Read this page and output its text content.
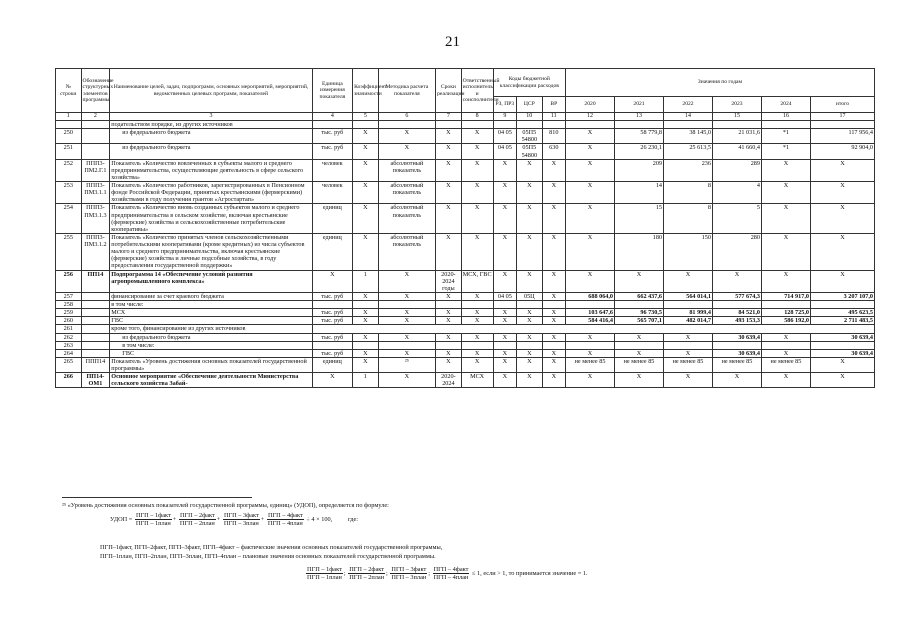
21
№ строки	Обозначение структурных элементов программы	Наименование целей, задач, подпрограмм, основных мероприятий, мероприятий, ведомственных целевых программ, показателей	Единица измерения показателя	Коэффициент значимости	Методика расчета показателя	Сроки реализации	Ответственный исполнитель и соисполнители	Коды бюджетной классификации расходов			Значения по годам					
								РЗ, ПР3	ЦСР	ВР	2020	2021	2022	2023	2024	итого
1	2	3	4	5	6	7	8	9	10	11	12	13	14	15	16	17
		подательством порядке, из других источников														
250		из федерального бюджета	тыс. руб	X	X	X	X	04 05	05П5 54800	810	X	58 779,8	38 145,0	21 031,6	*1	117 956,4
251		из федерального бюджета	тыс. руб	X	X	X	X	04 05	05П5 54800	630	X	26 230,1	25 613,5	41 660,4	*1	92 904,0
252	ППП3-ПМ2.Г.1	Показатель «Количество вовлеченных в субъекты малого и среднего предпринимательства, осуществляющие деятельность в сфере сельского хозяйства»	человек	X	абсолютный показатель	X	X	X	X	X	X	209	236	289	X	X
253	ППП3-ПМ3.1.1	Показатель «Количество работников, зарегистрированных в Пенсионном фонде Российской Федерации, принятых крестьянскими (фермерскими) хозяйствами в году получения грантов «Агростартап»	человек	X	абсолютный показатель	X	X	X	X	X	X	14	8	4	X	X
254	ППП3-ПМ3.1.3	Показатель «Количество вновь созданных субъектов малого и среднего предпринимательства в сельском хозяйстве, включая крестьянские (фермерские) хозяйства и сельскохозяйственные потребительские кооперативы»	единиц	X	абсолютный показатель	X	X	X	X	X	X	15	8	5	X	X
255	ППП3-ПМ3.1.2	Показатель «Количество принятых членов сельскохозяйственными потребительскими кооперативами (кроме кредитных) из числа субъектов малого и среднего предпринимательства, включая крестьянские (фермерские) хозяйства и личные подсобные хозяйства, в году предоставления государственной поддержки»	единиц	X	абсолютный показатель	X	X	X	X	X	X	180	150	280	X	X
256	ПП14	Подпрограмма 14 «Обеспечение условий развития агропромышленного комплекса»	X	1	X	2020-2024 годы	МСХ, ГВС	X	X	X	X	X	X	X	X	X
257		финансирование за счет краевого бюджета	тыс. руб	X	X	X	X	04 05	05Ц	X	688 064,0	662 437,6	564 014,1	577 674,3	714 917,0	3 207 107,0
258		в том числе:														
259		МСХ	тыс. руб	X	X	X	X	X	X	X	103 647,6	96 730,5	81 999,4	84 521,0	128 725,0	495 623,5
260		ГВС	тыс. руб	X	X	X	X	X	X	X	584 416,4	565 707,1	482 014,7	493 153,3	586 192,0	2 711 483,5
261		кроме того, финансирование из других источников														
262		из федерального бюджета	тыс. руб	X	X	X	X	X	X	X	X	X	X	30 639,4	X	30 639,4
263		в том числе:														
264		ГВС	тыс. руб	X	X	X	X	X	X	X	X	X	X	30 639,4	X	30 639,4
265	ППП14	Показатель «Уровень достижения основных показателей государственной программы»	единиц	X	²⁵	X	X	X	X	X	не менее 85	не менее 85	не менее 85	не менее 85	не менее 85	X
266	ПП14-ОМ1	Основное мероприятие «Обеспечение деятельности Министерства сельского хозяйства Забай-	X	1	X	2020-2024	МСХ	X	X	X	X	X	X	X	X	X
²⁵ «Уровень достижения основных показателей государственной программы, единиц» (УДОП), определяется по формуле:
УДОП = $\frac{\text{ПГП – 1факт}}{\text{ПГП – 1план}} + \frac{\text{ПГП – 2факт}}{\text{ПГП – 2план}} + \frac{\text{ПГП – 3факт}}{\text{ПГП – 3план}} + \frac{\text{ПГП – 4факт}}{\text{ПГП – 4план}} \div 4 \times 100$,	где:
ПГП–1факт, ПГП–2факт, ПГП–3факт, ПГП–4факт – фактические значения основных показателей государственной программы,
ПГП–1план, ПГП–2план, ПГП–3план, ПГП–4план – плановые значения основных показателей государственной программы.
$\frac{\text{ПГП – 1факт}}{\text{ПГП – 1план}}$ ; $\frac{\text{ПГП – 2факт}}{\text{ПГП – 2план}}$ ; $\frac{\text{ПГП – 3факт}}{\text{ПГП – 3план}}$ ; $\frac{\text{ПГП – 4факт}}{\text{ПГП – 4план}} \le 1$, если > 1, то принимается значение = 1.
